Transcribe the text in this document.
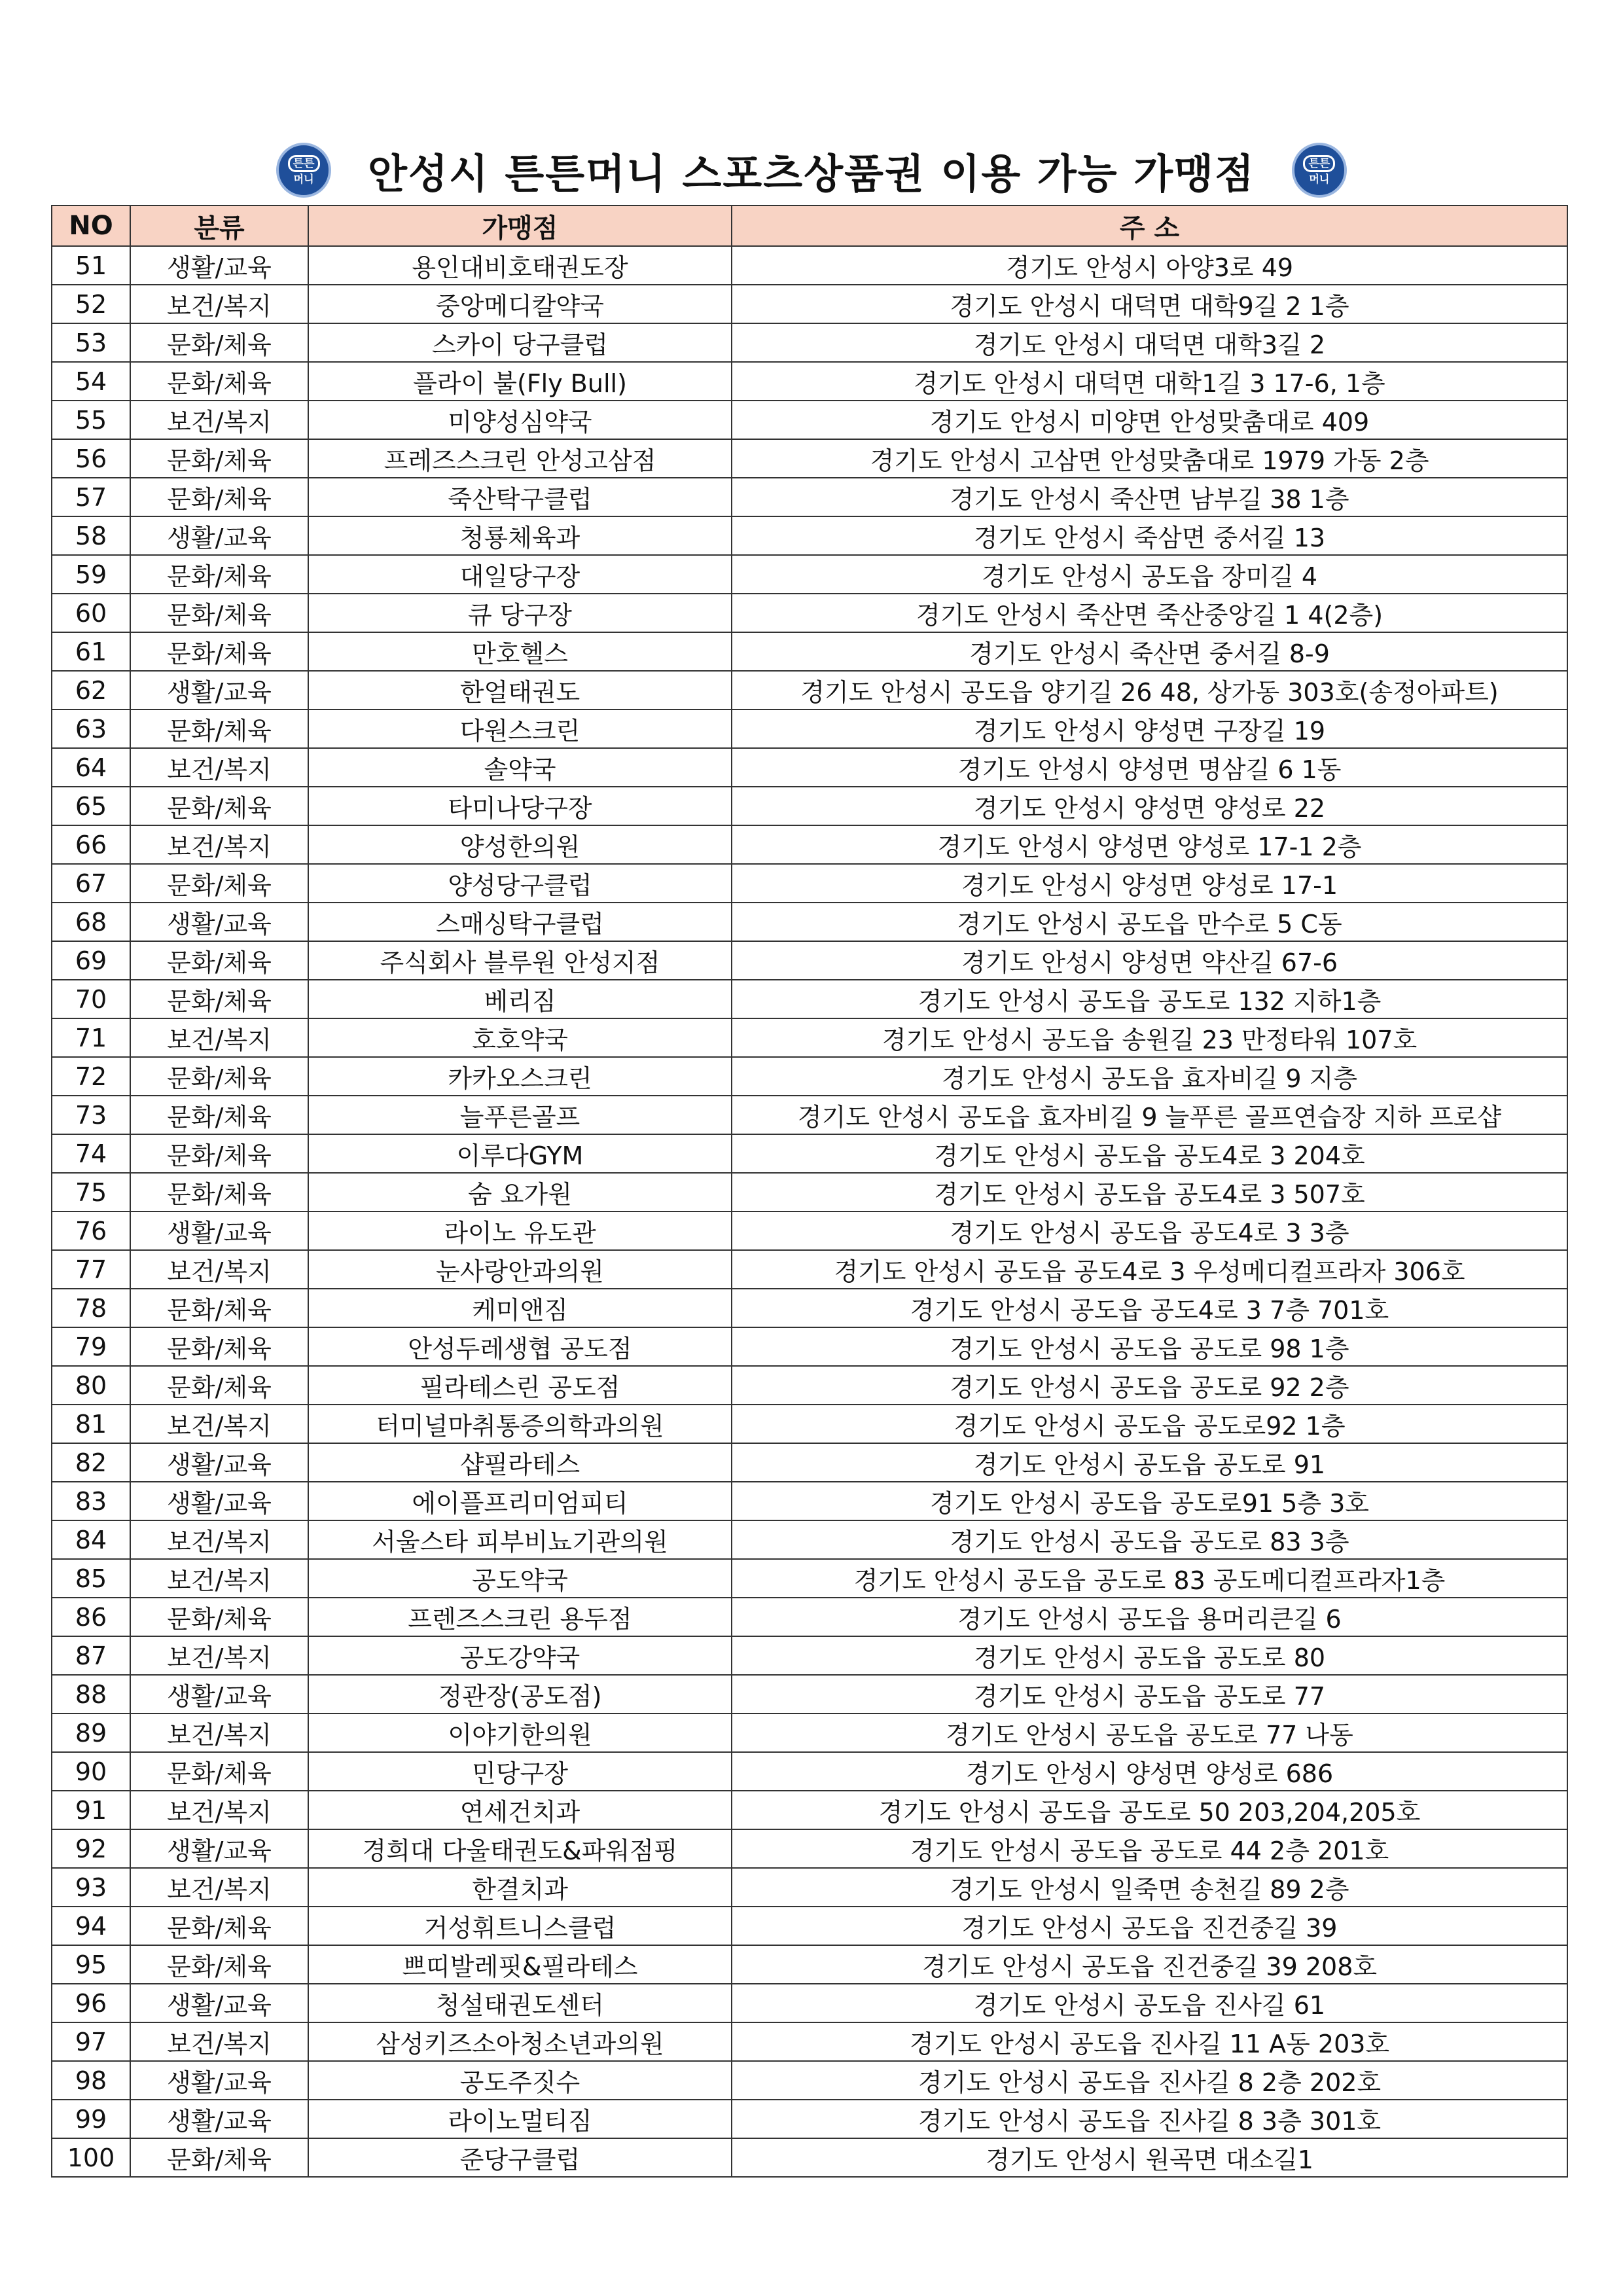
튼튼
머니 안성시 튼튼머니 스포츠상품권 이용 가능 가맹점	튼튼
머니
NO	분류	가맹점	주 소
51	생활/교육	용인대비호태권도장	경기도 안성시 아양3로 49
52	보건/복지	중앙메디칼약국	경기도 안성시 대덕면 대학9길 2 1층
53	문화/체육	스카이 당구클럽	경기도 안성시 대덕면 대학3길 2
54	문화/체육	플라이 불(Fly Bull)	경기도 안성시 대덕면 대학1길 3 17-6, 1층
55	보건/복지	미양성심약국	경기도 안성시 미양면 안성맞춤대로 409
56	문화/체육	프레즈스크린 안성고삼점	경기도 안성시 고삼면 안성맞춤대로 1979 가동 2층
57	문화/체육	죽산탁구클럽	경기도 안성시 죽산면 남부길 38 1층
58	생활/교육	청룡체육과	경기도 안성시 죽삼면 중서길 13
59	문화/체육	대일당구장	경기도 안성시 공도읍 장미길 4
60	문화/체육	큐 당구장	경기도 안성시 죽산면 죽산중앙길 1 4(2층)
61	문화/체육	만호헬스	경기도 안성시 죽산면 중서길 8-9
62	생활/교육	한얼태권도	경기도 안성시 공도읍 양기길 26 48, 상가동 303호(송정아파트)
63	문화/체육	다원스크린	경기도 안성시 양성면 구장길 19
64	보건/복지	솔약국	경기도 안성시 양성면 명삼길 6 1동
65	문화/체육	타미나당구장	경기도 안성시 양성면 양성로 22
66	보건/복지	양성한의원	경기도 안성시 양성면 양성로 17-1 2층
67	문화/체육	양성당구클럽	경기도 안성시 양성면 양성로 17-1
68	생활/교육	스매싱탁구클럽	경기도 안성시 공도읍 만수로 5 C동
69	문화/체육	주식회사 블루원 안성지점	경기도 안성시 양성면 약산길 67-6
70	문화/체육	베리짐	경기도 안성시 공도읍 공도로 132 지하1층
71	보건/복지	호호약국	경기도 안성시 공도읍 송원길 23 만정타워 107호
72	문화/체육	카카오스크린	경기도 안성시 공도읍 효자비길 9 지층
73	문화/체육	늘푸른골프	경기도 안성시 공도읍 효자비길 9 늘푸른 골프연습장 지하 프로샵
74	문화/체육	이루다GYM	경기도 안성시 공도읍 공도4로 3 204호
75	문화/체육	숨 요가원	경기도 안성시 공도읍 공도4로 3 507호
76	생활/교육	라이노 유도관	경기도 안성시 공도읍 공도4로 3 3층
77	보건/복지	눈사랑안과의원	경기도 안성시 공도읍 공도4로 3 우성메디컬프라자 306호
78	문화/체육	케미앤짐	경기도 안성시 공도읍 공도4로 3 7층 701호
79	문화/체육	안성두레생협 공도점	경기도 안성시 공도읍 공도로 98 1층
80	문화/체육	필라테스린 공도점	경기도 안성시 공도읍 공도로 92 2층
81	보건/복지	터미널마취통증의학과의원	경기도 안성시 공도읍 공도로92 1층
82	생활/교육	샵필라테스	경기도 안성시 공도읍 공도로 91
83	생활/교육	에이플프리미엄피티	경기도 안성시 공도읍 공도로91 5층 3호
84	보건/복지	서울스타 피부비뇨기관의원	경기도 안성시 공도읍 공도로 83 3층
85	보건/복지	공도약국	경기도 안성시 공도읍 공도로 83 공도메디컬프라자1층
86	문화/체육	프렌즈스크린 용두점	경기도 안성시 공도읍 용머리큰길 6
87	보건/복지	공도강약국	경기도 안성시 공도읍 공도로 80
88	생활/교육	정관장(공도점)	경기도 안성시 공도읍 공도로 77
89	보건/복지	이야기한의원	경기도 안성시 공도읍 공도로 77 나동
90	문화/체육	민당구장	경기도 안성시 양성면 양성로 686
91	보건/복지	연세건치과	경기도 안성시 공도읍 공도로 50 203,204,205호
92	생활/교육	경희대 다울태권도&파워점핑	경기도 안성시 공도읍 공도로 44 2층 201호
93	보건/복지	한결치과	경기도 안성시 일죽면 송천길 89 2층
94	문화/체육	거성휘트니스클럽	경기도 안성시 공도읍 진건중길 39
95	문화/체육	쁘띠발레핏&필라테스	경기도 안성시 공도읍 진건중길 39 208호
96	생활/교육	청설태권도센터	경기도 안성시 공도읍 진사길 61
97	보건/복지	삼성키즈소아청소년과의원	경기도 안성시 공도읍 진사길 11 A동 203호
98	생활/교육	공도주짓수	경기도 안성시 공도읍 진사길 8 2층 202호
99	생활/교육	라이노멀티짐	경기도 안성시 공도읍 진사길 8 3층 301호
100	문화/체육	준당구클럽	경기도 안성시 원곡면 대소길1
